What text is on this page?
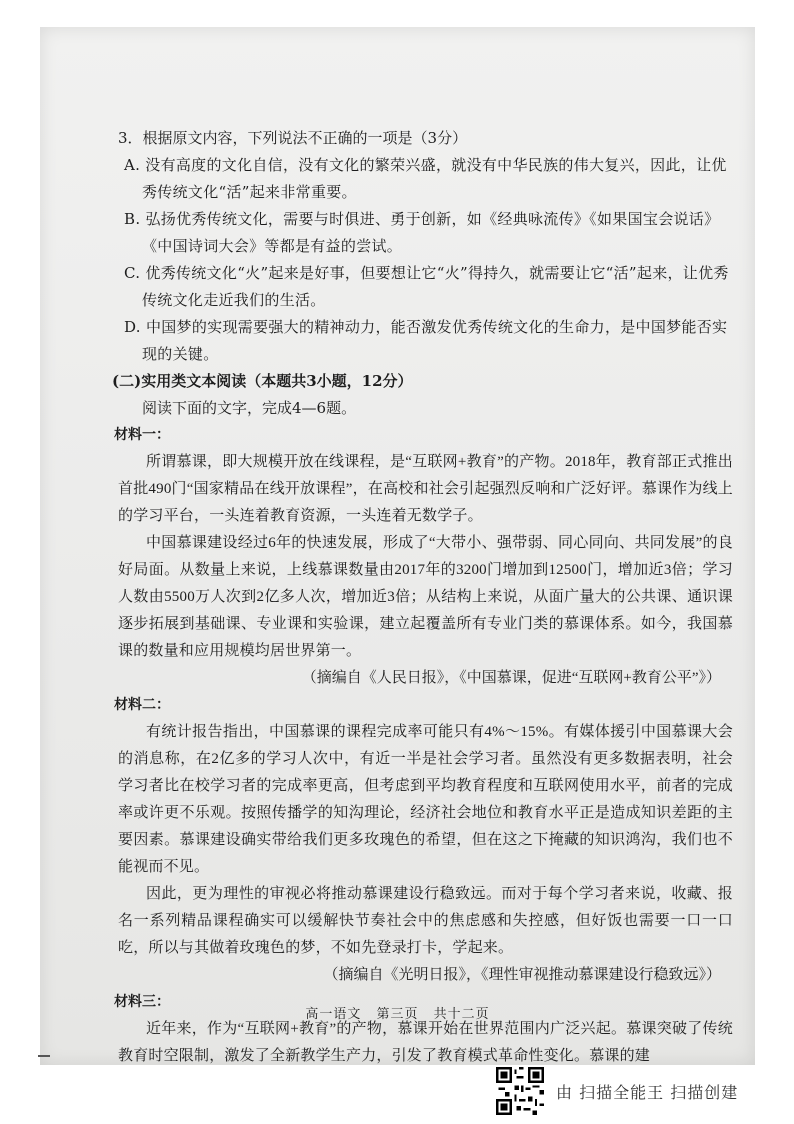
3．根据原文内容，下列说法不正确的一项是（3分）

A. 没有高度的文化自信，没有文化的繁荣兴盛，就没有中华民族的伟大复兴，因此，让优秀传统文化“活”起来非常重要。

B. 弘扬优秀传统文化，需要与时俱进、勇于创新，如《经典咏流传》《如果国宝会说话》《中国诗词大会》等都是有益的尝试。

C. 优秀传统文化“火”起来是好事，但要想让它“火”得持久，就需要让它“活”起来，让优秀传统文化走近我们的生活。

D. 中国梦的实现需要强大的精神动力，能否激发优秀传统文化的生命力，是中国梦能否实现的关键。

(二)实用类文本阅读（本题共3小题，12分）

阅读下面的文字，完成4—6题。

材料一：

所谓慕课，即大规模开放在线课程，是“互联网+教育”的产物。2018年，教育部正式推出首批490门“国家精品在线开放课程”，在高校和社会引起强烈反响和广泛好评。慕课作为线上的学习平台，一头连着教育资源，一头连着无数学子。

中国慕课建设经过6年的快速发展，形成了“大带小、强带弱、同心同向、共同发展”的良好局面。从数量上来说，上线慕课数量由2017年的3200门增加到12500门，增加近3倍；学习人数由5500万人次到2亿多人次，增加近3倍；从结构上来说，从面广量大的公共课、通识课逐步拓展到基础课、专业课和实验课，建立起覆盖所有专业门类的慕课体系。如今，我国慕课的数量和应用规模均居世界第一。

（摘编自《人民日报》，《中国慕课，促进“互联网+教育公平”》）

材料二：

有统计报告指出，中国慕课的课程完成率可能只有4%～15%。有媒体援引中国慕课大会的消息称，在2亿多的学习人次中，有近一半是社会学习者。虽然没有更多数据表明，社会学习者比在校学习者的完成率更高，但考虑到平均教育程度和互联网使用水平，前者的完成率或许更不乐观。按照传播学的知沟理论，经济社会地位和教育水平正是造成知识差距的主要因素。慕课建设确实带给我们更多玫瑰色的希望，但在这之下掩藏的知识鸿沟，我们也不能视而不见。

因此，更为理性的审视必将推动慕课建设行稳致远。而对于每个学习者来说，收藏、报名一系列精品课程确实可以缓解快节奏社会中的焦虑感和失控感，但好饭也需要一口一口吃，所以与其做着玫瑰色的梦，不如先登录打卡，学起来。

（摘编自《光明日报》，《理性审视推动慕课建设行稳致远》）

材料三：

近年来，作为“互联网+教育”的产物，慕课开始在世界范围内广泛兴起。慕课突破了传统教育时空限制，激发了全新教学生产力，引发了教育模式革命性变化。慕课的建

高一语文 第三页 共十二页
由 扫描全能王 扫描创建
